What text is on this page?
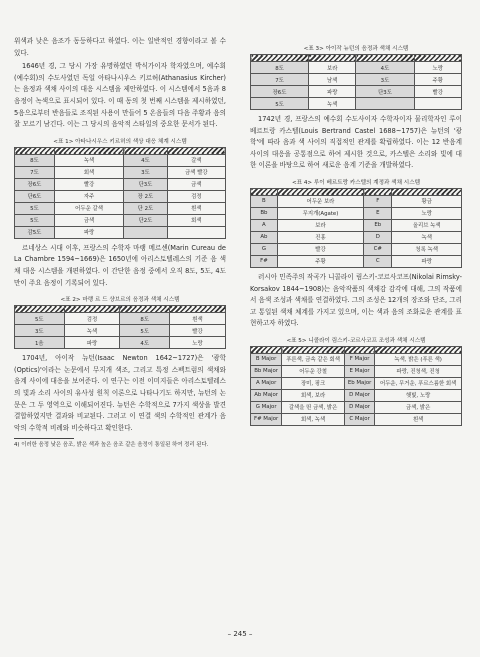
위색과 낮은 음조가 동등하다고 하였다. 이는 일반적인 경향이라고 볼 수 있다.

1646년 경, 그 당시 가장 유명하였던 박식가이자 학자였으며, 예수회(예수회)의 수도사였던 독일 아타나시우스 키르허(Athanasius Kircher)는 음정과 색채 사이의 대응 시스템을 제안하였다. 이 시스템에서 5음과 8음정이 녹색으로 표시되어 있다. 이 때 동의 첫 번째 시스템을 제시하였던, 5음으로부터 반음들로 조직된 사용이 만들어 5 온음들의 다음 주황과 음의 잘 모르기 남긴다. 이는 그 당시의 음악적 스타일의 중요한 문서가 된다.

<표 1> 아타나시우스 키르허의 색상 대응 체계 시스템

8도	녹색	4도	갈색
7도	회색	3도	금색 빨강
장6도	빨강	단3도	금색
단6도	자주	장 2도	검정
5도	어두운 갈색	단 2도	흰색
5도	금색	단2도	회색
감5도	파랑		

르네상스 시대 이후, 프랑스의 수학자 마랭 메르센(Marin Cureau de La Chambre 1594~1669)은 1650년에 아리스토텔레스의 기준 음 색채 대응 시스템을 개편하였다. 이 간단한 음정 중에서 오직 8도, 5도, 4도만이 주요 음정이 기록되어 있다.

<표 2> 마랭 르 드 샹브르의 음정과 색채 시스템

5도	검정	8도	흰색
3도	녹색	5도	빨강
1음	파랑	4도	노랑

1704년, 아이작 뉴턴(Isaac Newton 1642~1727)은 '광학(Optics)'이라는 논문에서 무지개 색조, 그리고 특정 스펙트럼의 색채와 음계 사이에 대응을 보여준다. 이 연구는 이전 이미지들은 아리스토텔레스의 빛과 소리 사이의 유사성 원칙 이론으로 나타나기도 하지만, 뉴턴의 논문은 그 두 영역으로 이해되어진다. 뉴턴은 수학적으로 7가지 색상을 발견 결합하였지만 결과와 비교된다. 그러고 이 연결 색의 수학적인 관계가 음악의 수학적 비례와 비슷하다고 확인한다.

4) 이러한 음정 낮은 음조, 밝은 색과 높은 음조 같은 음정이 통일된 하여 정리 된다.
<표 3> 아이작 뉴턴의 음정과 색채 시스템

8도	보라	4도	노랑
7도	남색	3도	주황
장6도	파랑	단3도	빨강
5도	녹색		

1742년 경, 프랑스의 예수회 수도사이자 수학자이자 물리학자인 루이 베르트랑 카스텔(Louis Bertrand Castel 1688~1757)은 뉴턴의 '광학'에 따라 음과 색 사이의 직접적인 관계를 확립하였다. 이는 12 반음계 사이의 대응을 공통점으로 하여 제시한 것으로, 카스텔은 소리와 빛에 대한 이론을 바탕으로 하여 새로운 음계 기준을 개발하였다.

<표 4> 루이 베르트랑 카스텔의 계정과 색채 시스템

B	어두운 보라	F	황금
Bb	무지개(Agate)	E	노랑
A	보라	Eb	올리브 녹색
Ab	진홍	D	녹색
G	빨강	C#	청록 녹색
F#	주황	C	파랑

러시아 민족주의 작곡가 니콜라이 림스키-코르사코프(Nikolai Rimsky-Korsakov 1844~1908)는 음악작품의 색채감 감각에 대해, 그의 작품에서 음색 조성과 색채를 연결하였다. 그의 조성은 12개의 장조와 단조, 그리고 통일된 색채 체계를 가지고 있으며, 이는 색과 음의 조화로운 관계를 표현하고자 하였다.

<표 5> 니콜라이 림스키-코르사코프 조성과 색채 시스템

B Major	푸른색, 금속 같은 회색	F Major	녹색, 밝은 (푸른 색)
Bb Major	어두운 강철	E Major	파랑, 진청색, 진청
A Major	장미, 핑크	Eb Major	어두운, 무거운, 푸르스름한 회색
Ab Major	회색, 보라	D Major	햇빛, 노랑
G Major	갈색을 띤 금색, 밝은	D Major	금색, 밝은
F# Major	회색, 녹색	C Major	흰색
– 245 –
